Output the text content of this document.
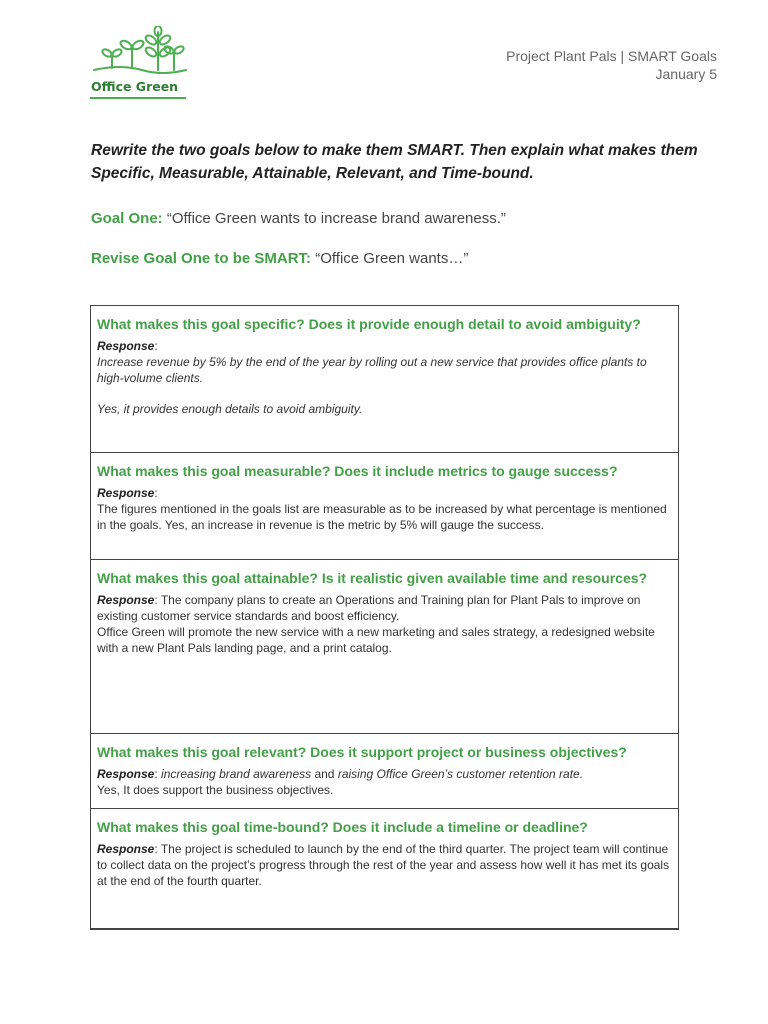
Office Green
Project Plant Pals | SMART Goals
January 5
Rewrite the two goals below to make them SMART. Then explain what makes them Specific, Measurable, Attainable, Relevant, and Time-bound.
Goal One: “Office Green wants to increase brand awareness.”
Revise Goal One to be SMART: “Office Green wants…”
What makes this goal specific? Does it provide enough detail to avoid ambiguity?
Response:
Increase revenue by 5% by the end of the year by rolling out a new service that provides office plants to high-volume clients.
Yes, it provides enough details to avoid ambiguity.
What makes this goal measurable? Does it include metrics to gauge success?
Response:
The figures mentioned in the goals list are measurable as to be increased by what percentage is mentioned in the goals. Yes, an increase in revenue is the metric by 5% will gauge the success.
What makes this goal attainable? Is it realistic given available time and resources?
Response: The company plans to create an Operations and Training plan for Plant Pals to improve on existing customer service standards and boost efficiency.
Office Green will promote the new service with a new marketing and sales strategy, a redesigned website with a new Plant Pals landing page, and a print catalog.
What makes this goal relevant? Does it support project or business objectives?
Response: increasing brand awareness and raising Office Green’s customer retention rate.
Yes, It does support the business objectives.
What makes this goal time-bound? Does it include a timeline or deadline?
Response: The project is scheduled to launch by the end of the third quarter. The project team will continue to collect data on the project’s progress through the rest of the year and assess how well it has met its goals at the end of the fourth quarter.
